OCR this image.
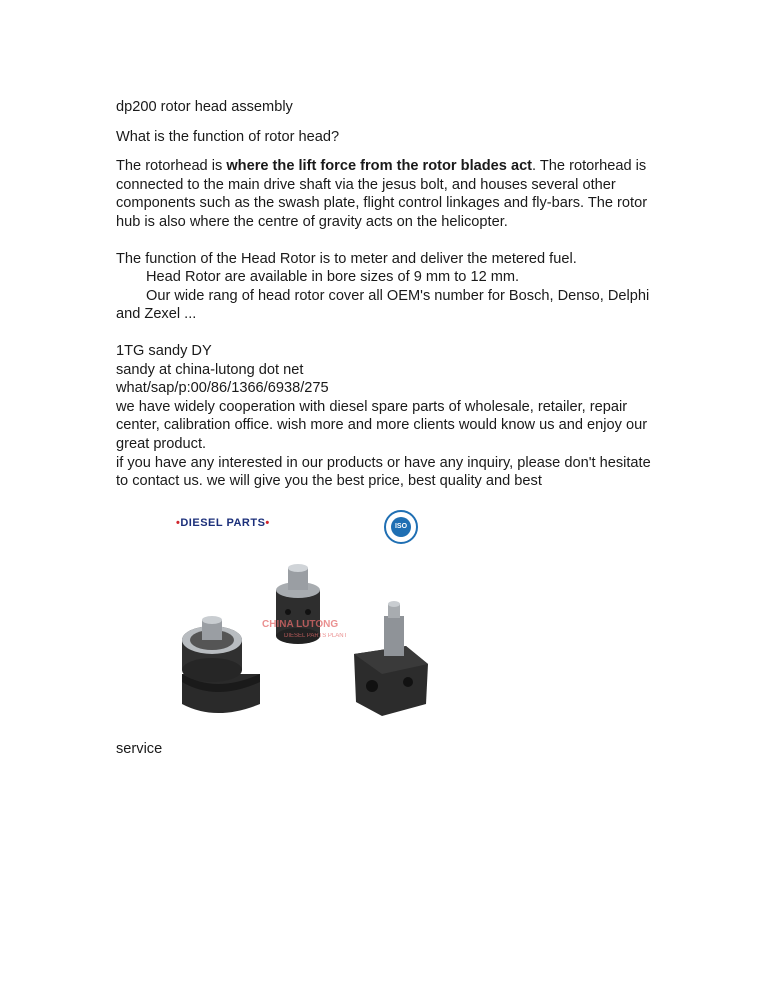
dp200 rotor head assembly

What is the function of rotor head?

The rotorhead is where the lift force from the rotor blades act. The rotorhead is connected to the main drive shaft via the jesus bolt, and houses several other components such as the swash plate, flight control linkages and fly-bars. The rotor hub is also where the centre of gravity acts on the helicopter.

The function of the Head Rotor is to meter and deliver the metered fuel.

Head Rotor are available in bore sizes of 9 mm to 12 mm.

Our wide rang of head rotor cover all OEM's number for Bosch, Denso, Delphi and Zexel ...

1TG sandy DY

sandy at china-lutong dot net

what/sap/p:00/86/1366/6938/275

we have widely cooperation with diesel spare parts of wholesale, retailer, repair center, calibration office. wish more and more clients would know us and enjoy our great product.

if you have any interested in our products or have any inquiry, please don't hesitate to contact us. we will give you the best price, best quality and best

•DIESEL PARTS•	ISO
CHINA LUTONG
DIESEL PARTS PLANT

service
